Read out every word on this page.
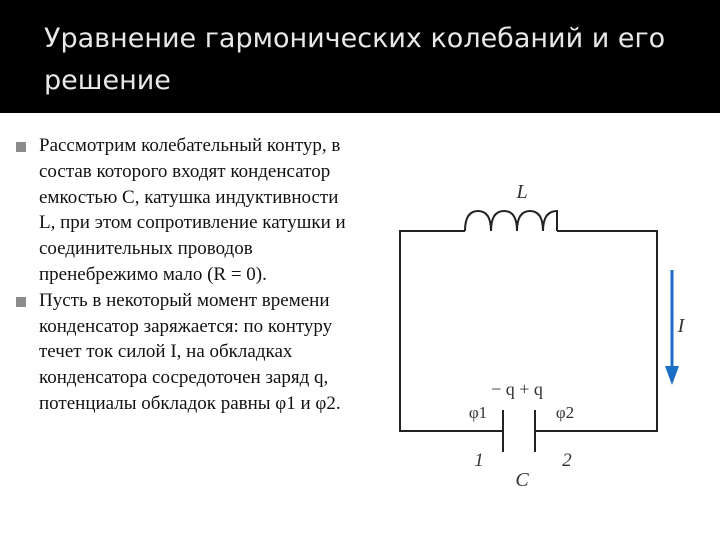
Уравнение гармонических колебаний и его решение
Рассмотрим колебательный контур, в состав которого входят конденсатор емкостью C, катушка индуктивности L, при этом сопротивление катушки и соединительных проводов пренебрежимо мало (R = 0).
Пусть в некоторый момент времени конденсатор заряжается: по контуру течет ток силой I, на обкладках конденсатора сосредоточен заряд q, потенциалы обкладок равны φ1 и φ2.
L
I
− q + q
φ1	φ2
1	2
C
